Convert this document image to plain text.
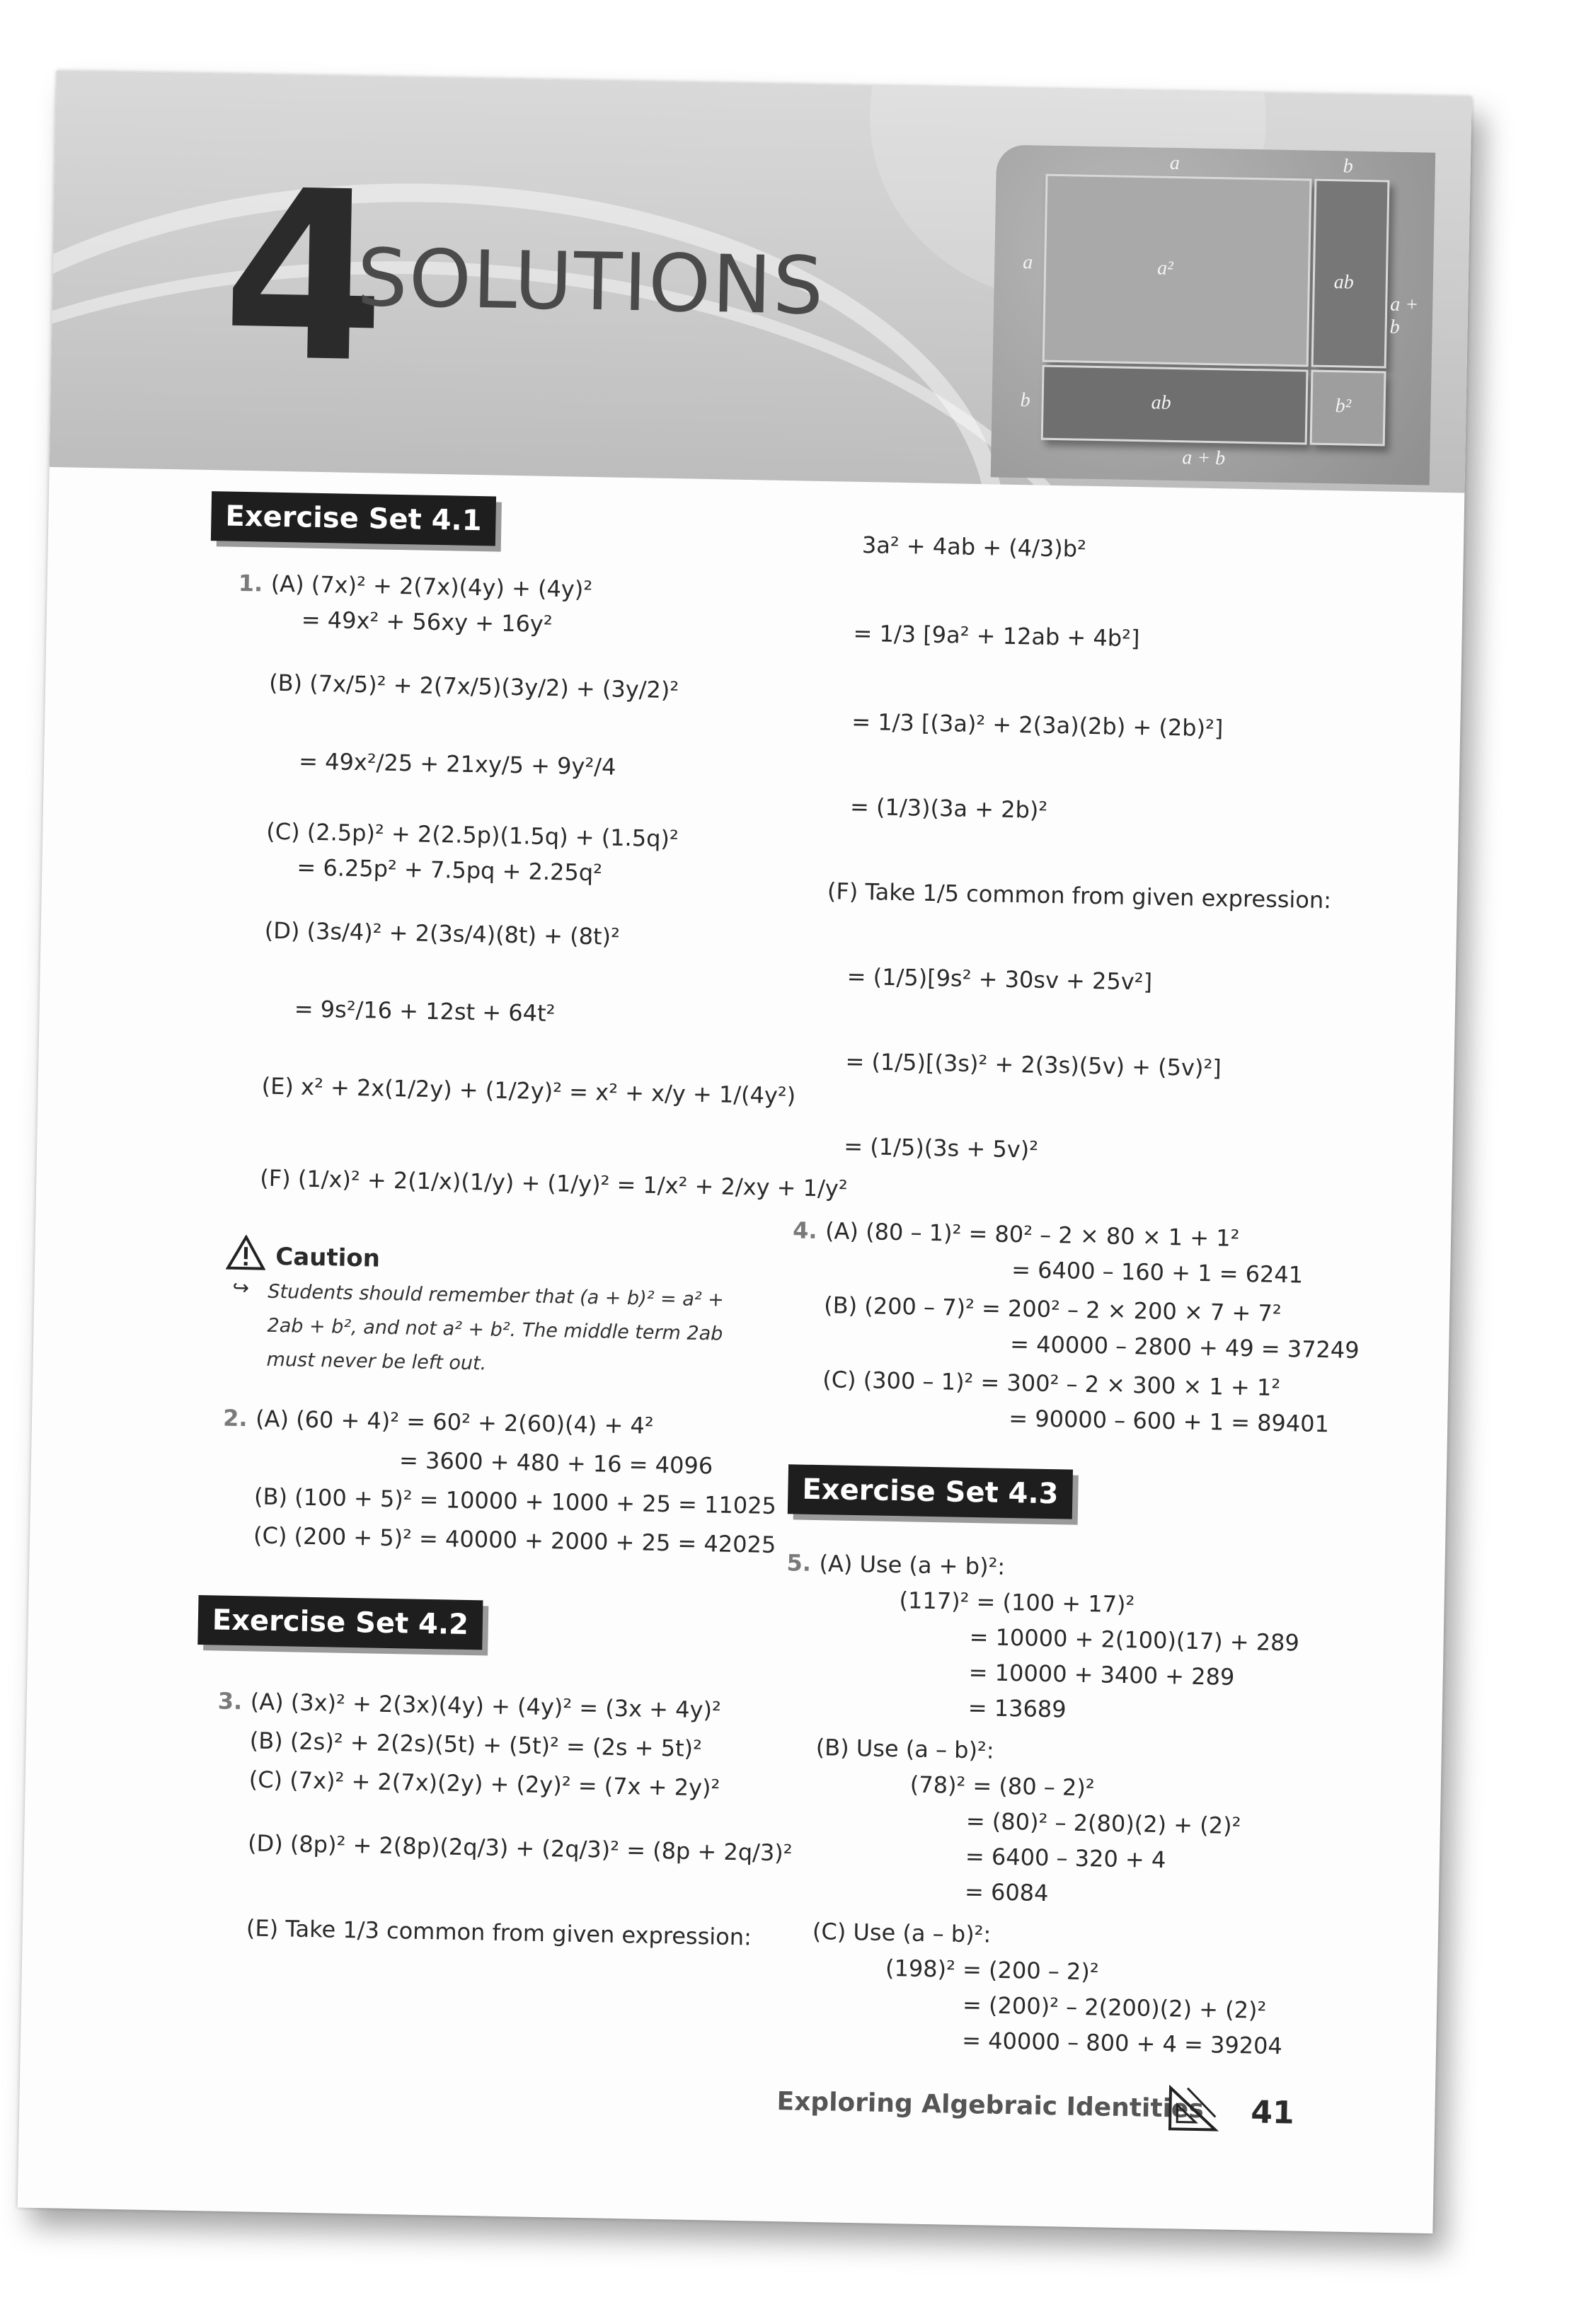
4
SOLUTIONS
a	b
a
b
a²
ab
ab	b²
a + b
a + b
Exercise Set 4.1
1. (A) (7x)² + 2(7x)(4y) + (4y)²
= 49x² + 56xy + 16y²
(B) (7x/5)² + 2(7x/5)(3y/2) + (3y/2)²
= 49x²/25 + 21xy/5 + 9y²/4
(C) (2.5p)² + 2(2.5p)(1.5q) + (1.5q)²
= 6.25p² + 7.5pq + 2.25q²
(D) (3s/4)² + 2(3s/4)(8t) + (8t)²
= 9s²/16 + 12st + 64t²
(E) x² + 2x(1/2y) + (1/2y)² = x² + x/y + 1/(4y²)
(F) (1/x)² + 2(1/x)(1/y) + (1/y)² = 1/x² + 2/xy + 1/y²
Caution
↪ Students should remember that (a + b)² = a² + 2ab + b², and not a² + b². The middle term 2ab must never be left out.
2. (A) (60 + 4)² = 60² + 2(60)(4) + 4²
= 3600 + 480 + 16 = 4096
(B) (100 + 5)² = 10000 + 1000 + 25 = 11025
(C) (200 + 5)² = 40000 + 2000 + 25 = 42025
Exercise Set 4.2
3. (A) (3x)² + 2(3x)(4y) + (4y)² = (3x + 4y)²
(B) (2s)² + 2(2s)(5t) + (5t)² = (2s + 5t)²
(C) (7x)² + 2(7x)(2y) + (2y)² = (7x + 2y)²
(D) (8p)² + 2(8p)(2q/3) + (2q/3)² = (8p + 2q/3)²
(E) Take 1/3 common from given expression:
3a² + 4ab + (4/3)b²
= 1/3 [9a² + 12ab + 4b²]
= 1/3 [(3a)² + 2(3a)(2b) + (2b)²]
= (1/3)(3a + 2b)²
(F) Take 1/5 common from given expression:
= (1/5)[9s² + 30sv + 25v²]
= (1/5)[(3s)² + 2(3s)(5v) + (5v)²]
= (1/5)(3s + 5v)²
4. (A) (80 – 1)² = 80² – 2 × 80 × 1 + 1²
= 6400 – 160 + 1 = 6241
(B) (200 – 7)² = 200² – 2 × 200 × 7 + 7²
= 40000 – 2800 + 49 = 37249
(C) (300 – 1)² = 300² – 2 × 300 × 1 + 1²
= 90000 – 600 + 1 = 89401
Exercise Set 4.3
5. (A) Use (a + b)²:
(117)² = (100 + 17)²
= 10000 + 2(100)(17) + 289
= 10000 + 3400 + 289
= 13689
(B) Use (a – b)²:
(78)² = (80 – 2)²
= (80)² – 2(80)(2) + (2)²
= 6400 – 320 + 4
= 6084
(C) Use (a – b)²:
(198)² = (200 – 2)²
= (200)² – 2(200)(2) + (2)²
= 40000 – 800 + 4 = 39204
Exploring Algebraic Identities 41
